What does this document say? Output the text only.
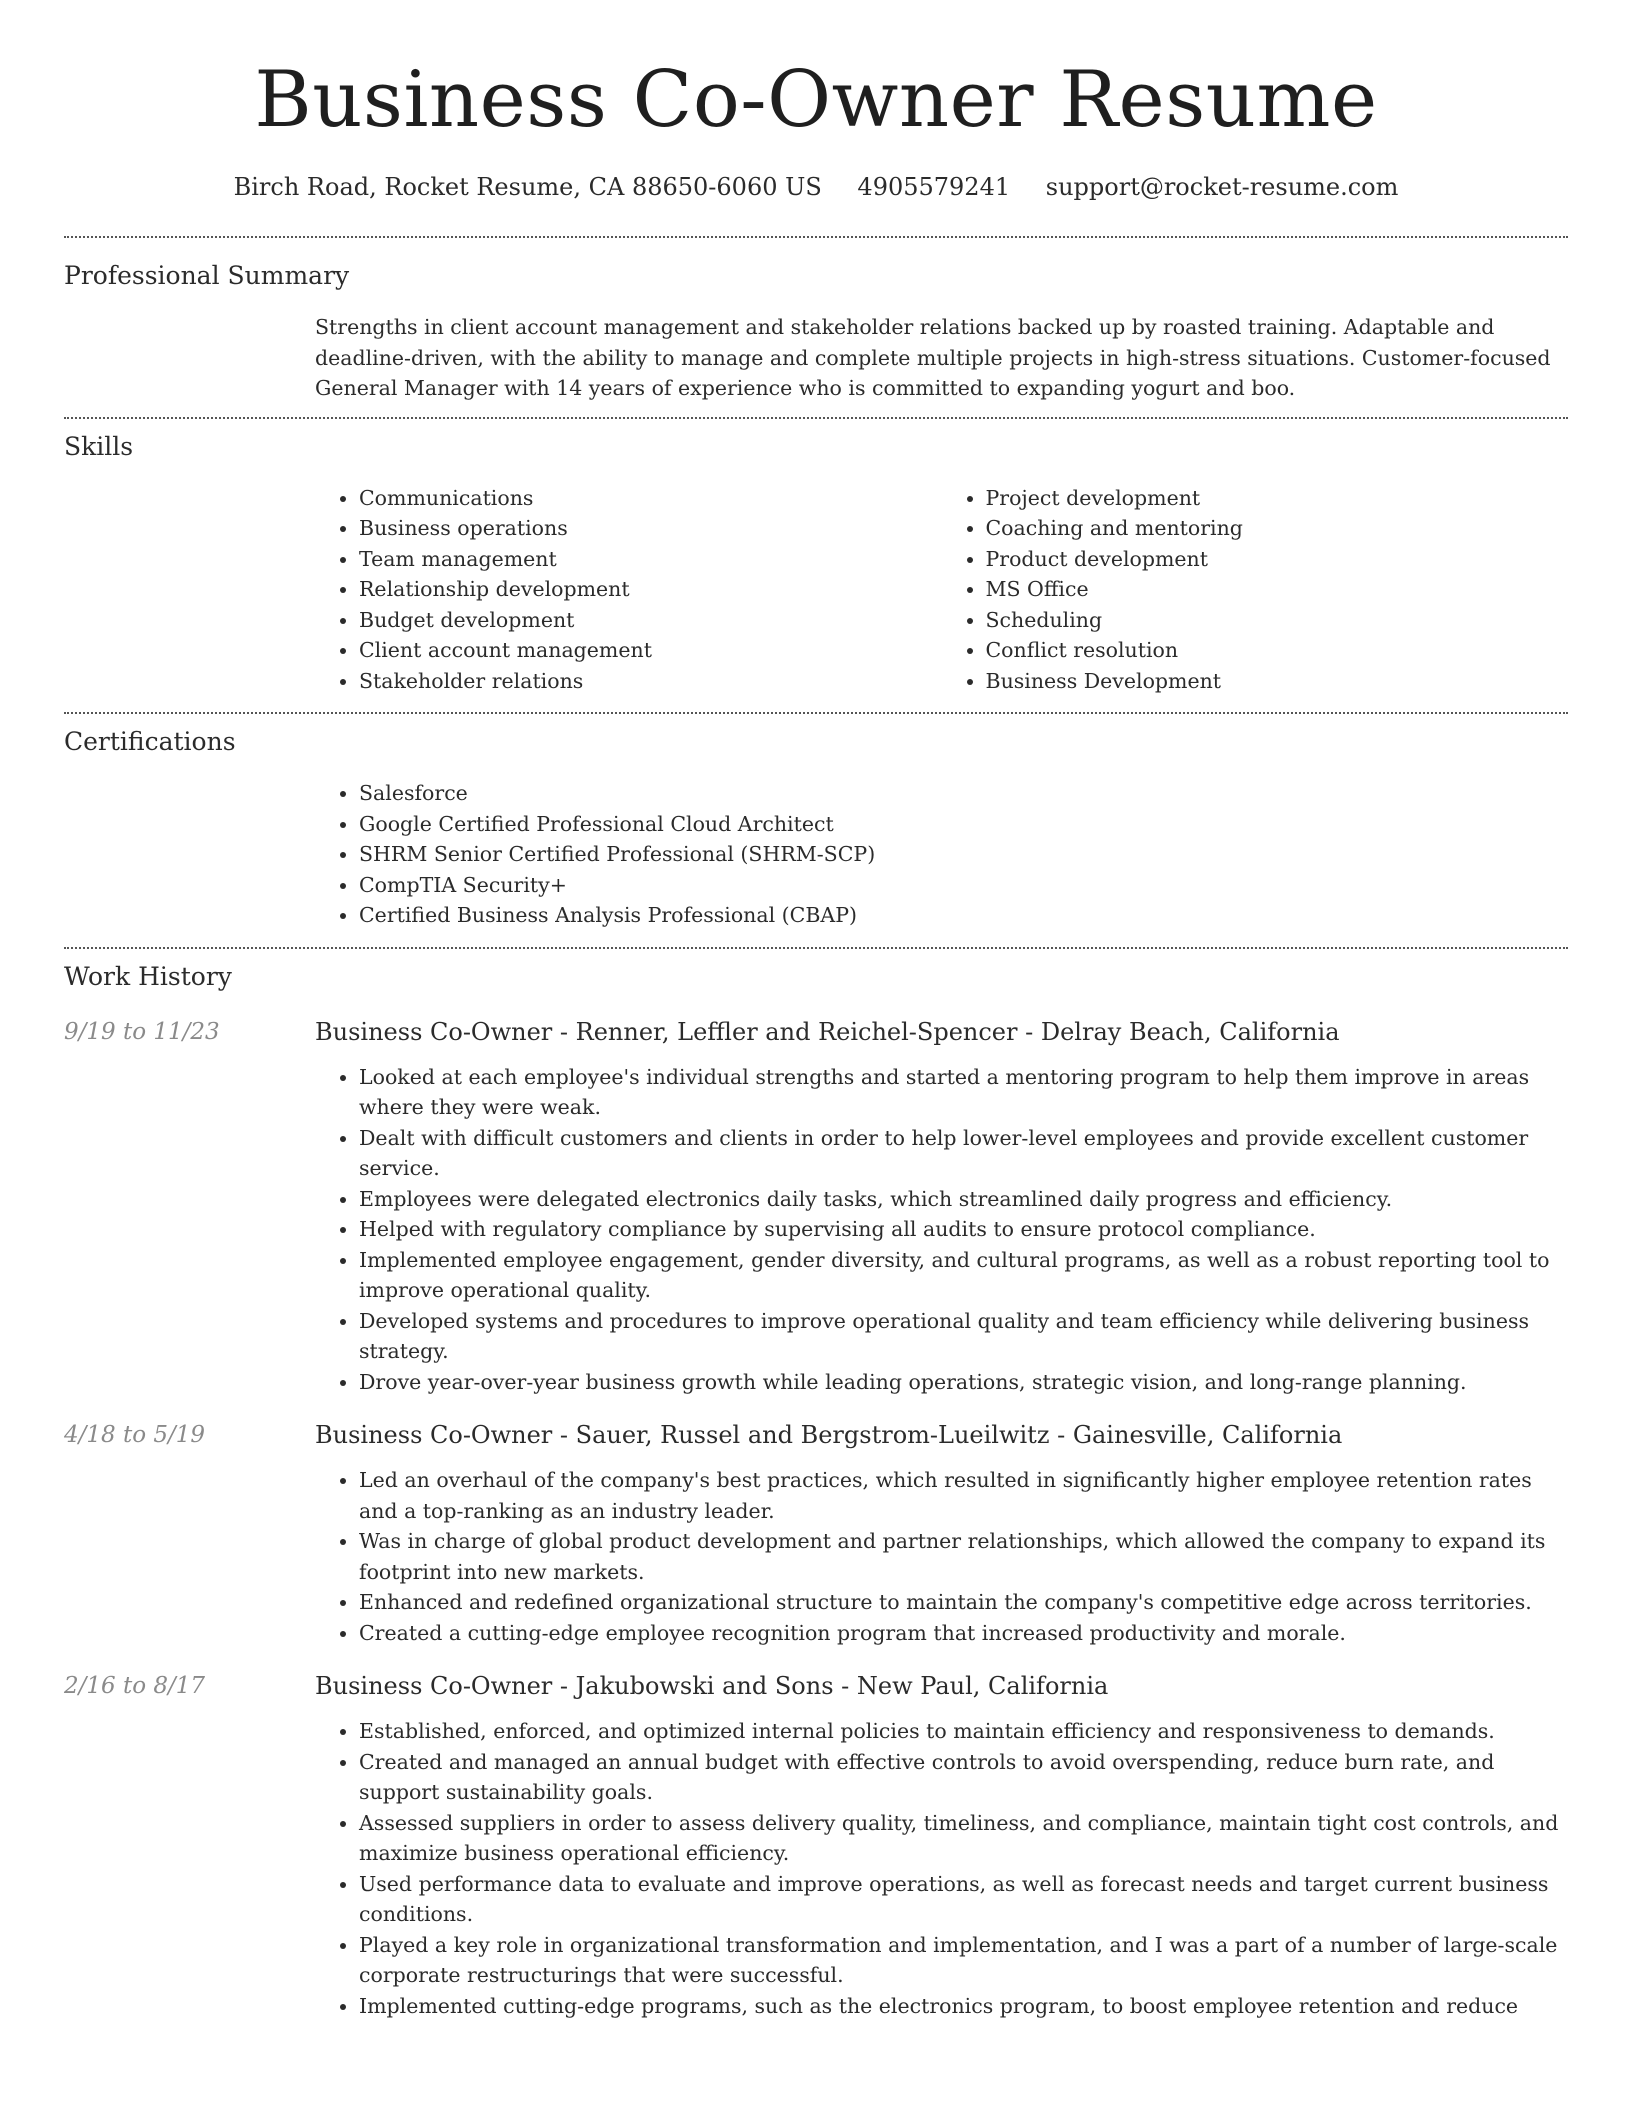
Business Co-Owner Resume
Birch Road, Rocket Resume, CA 88650-6060 US 4905579241 support@rocket-resume.com
Professional Summary
Strengths in client account management and stakeholder relations backed up by roasted training. Adaptable and deadline-driven, with the ability to manage and complete multiple projects in high-stress situations. Customer-focused General Manager with 14 years of experience who is committed to expanding yogurt and boo.
Skills
• Communications
• Business operations
• Team management
• Relationship development
• Budget development
• Client account management
• Stakeholder relations
• Project development
• Coaching and mentoring
• Product development
• MS Office
• Scheduling
• Conflict resolution
• Business Development
Certifications
• Salesforce
• Google Certified Professional Cloud Architect
• SHRM Senior Certified Professional (SHRM-SCP)
• CompTIA Security+
• Certified Business Analysis Professional (CBAP)
Work History
9/19 to 11/23	Business Co-Owner - Renner, Leffler and Reichel-Spencer - Delray Beach, California
• Looked at each employee's individual strengths and started a mentoring program to help them improve in areas where they were weak.
• Dealt with difficult customers and clients in order to help lower-level employees and provide excellent customer service.
• Employees were delegated electronics daily tasks, which streamlined daily progress and efficiency.
• Helped with regulatory compliance by supervising all audits to ensure protocol compliance.
• Implemented employee engagement, gender diversity, and cultural programs, as well as a robust reporting tool to improve operational quality.
• Developed systems and procedures to improve operational quality and team efficiency while delivering business strategy.
• Drove year-over-year business growth while leading operations, strategic vision, and long-range planning.
4/18 to 5/19	Business Co-Owner - Sauer, Russel and Bergstrom-Lueilwitz - Gainesville, California
• Led an overhaul of the company's best practices, which resulted in significantly higher employee retention rates and a top-ranking as an industry leader.
• Was in charge of global product development and partner relationships, which allowed the company to expand its footprint into new markets.
• Enhanced and redefined organizational structure to maintain the company's competitive edge across territories.
• Created a cutting-edge employee recognition program that increased productivity and morale.
2/16 to 8/17	Business Co-Owner - Jakubowski and Sons - New Paul, California
• Established, enforced, and optimized internal policies to maintain efficiency and responsiveness to demands.
• Created and managed an annual budget with effective controls to avoid overspending, reduce burn rate, and support sustainability goals.
• Assessed suppliers in order to assess delivery quality, timeliness, and compliance, maintain tight cost controls, and maximize business operational efficiency.
• Used performance data to evaluate and improve operations, as well as forecast needs and target current business conditions.
• Played a key role in organizational transformation and implementation, and I was a part of a number of large-scale corporate restructurings that were successful.
• Implemented cutting-edge programs, such as the electronics program, to boost employee retention and reduce
